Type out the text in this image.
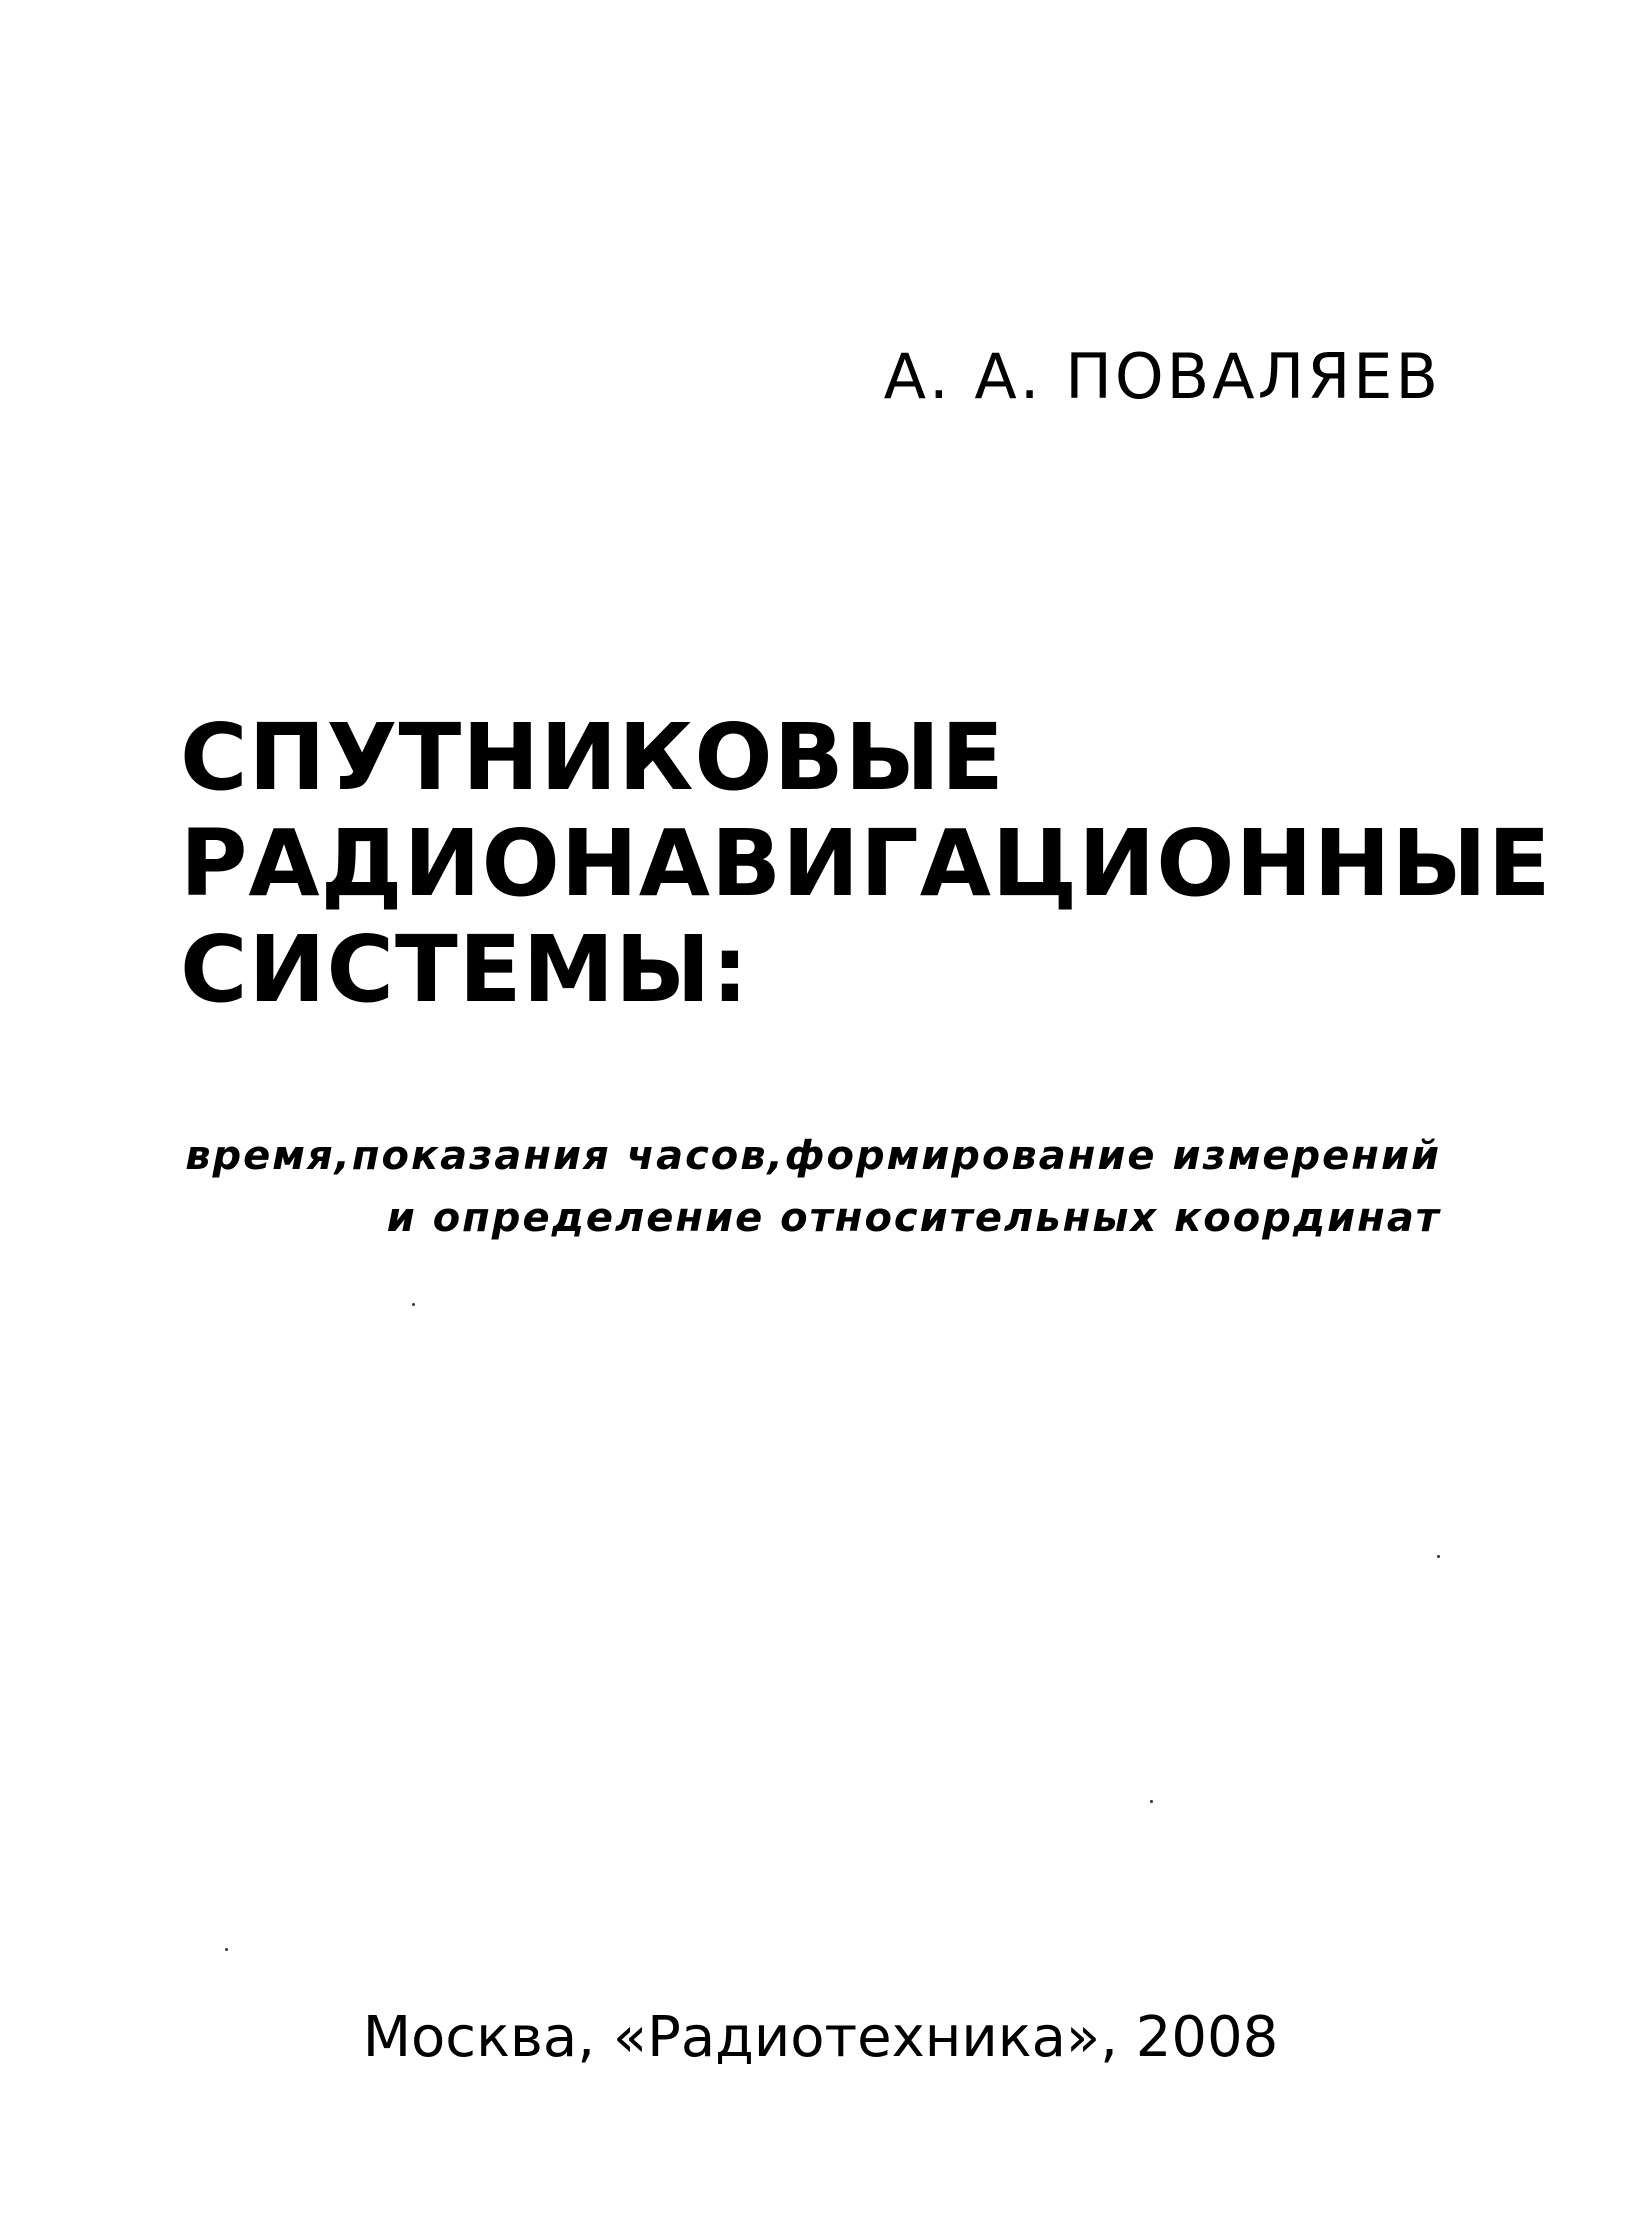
А. А. ПОВАЛЯЕВ
СПУТНИКОВЫЕ
РАДИОНАВИГАЦИОННЫЕ
СИСТЕМЫ:
время,показания часов,формирование измерений
и определение относительных координат
Москва, «Радиотехника», 2008
